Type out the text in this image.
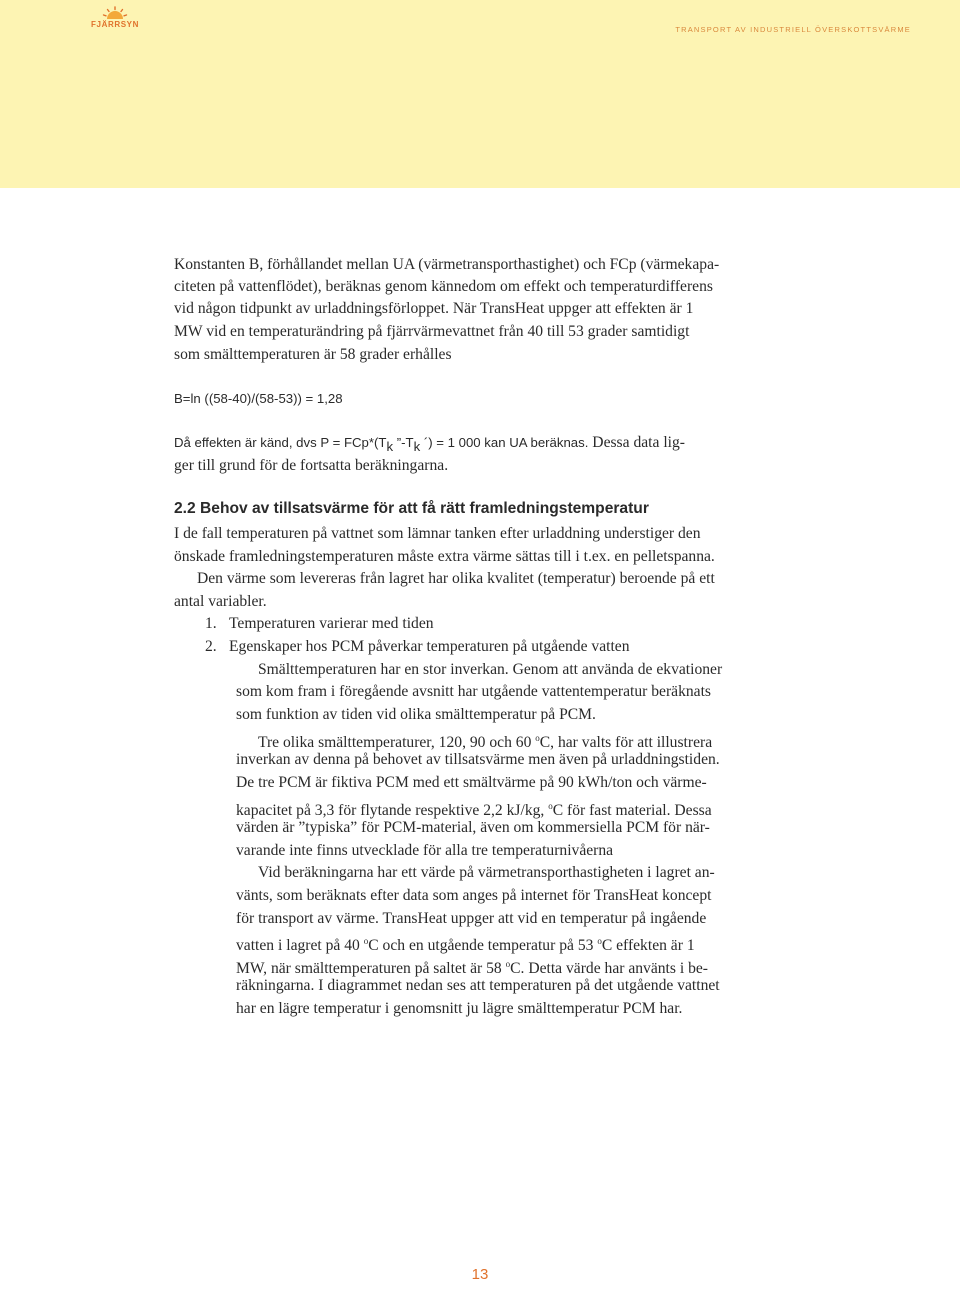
FJÄRRSYN
TRANSPORT AV INDUSTRIELL ÖVERSKOTTSVÄRME

Konstanten B, förhållandet mellan UA (värmetransporthastighet) och FCp (värmekapa-

citeten på vattenflödet), beräknas genom kännedom om effekt och temperaturdifferens

vid någon tidpunkt av urladdningsförloppet. När TransHeat uppger att effekten är 1

MW vid en temperaturändring på fjärrvärmevattnet från 40 till 53 grader samtidigt

som smälttemperaturen är 58 grader erhålles

B=ln ((58-40)/(58-53)) = 1,28

Då effekten är känd, dvs $P = FCp*(T_k$ $”-T_k$ ´) = 1 000 kan UA beräknas. Dessa data lig-

ger till grund för de fortsatta beräkningarna.

2.2 Behov av tillsatsvärme för att få rätt framledningstemperatur

I de fall temperaturen på vattnet som lämnar tanken efter urladdning understiger den

önskade framledningstemperaturen måste extra värme sättas till i t.ex. en pelletspanna.

Den värme som levereras från lagret har olika kvalitet (temperatur) beroende på ett

antal variabler.

1. Temperaturen varierar med tiden

2. Egenskaper hos PCM påverkar temperaturen på utgående vatten

Smälttemperaturen har en stor inverkan. Genom att använda de ekvationer

som kom fram i föregående avsnitt har utgående vattentemperatur beräknats

som funktion av tiden vid olika smälttemperatur på PCM.

Tre olika smälttemperaturer, 120, 90 och 60 $^o$C, har valts för att illustrera

inverkan av denna på behovet av tillsatsvärme men även på urladdningstiden.

De tre PCM är fiktiva PCM med ett smältvärme på 90 kWh/ton och värme-

kapacitet på 3,3 för flytande respektive 2,2 kJ/kg, $^o$C för fast material. Dessa

värden är ”typiska” för PCM-material, även om kommersiella PCM för när-

varande inte finns utvecklade för alla tre temperaturnivåerna

Vid beräkningarna har ett värde på värmetransporthastigheten i lagret an-

vänts, som beräknats efter data som anges på internet för TransHeat koncept

för transport av värme. TransHeat uppger att vid en temperatur på ingående

vatten i lagret på 40 $^o$C och en utgående temperatur på 53 $^o$C effekten är 1

MW, när smälttemperaturen på saltet är 58 $^o$C. Detta värde har använts i be-

räkningarna. I diagrammet nedan ses att temperaturen på det utgående vattnet

har en lägre temperatur i genomsnitt ju lägre smälttemperatur PCM har.

13
